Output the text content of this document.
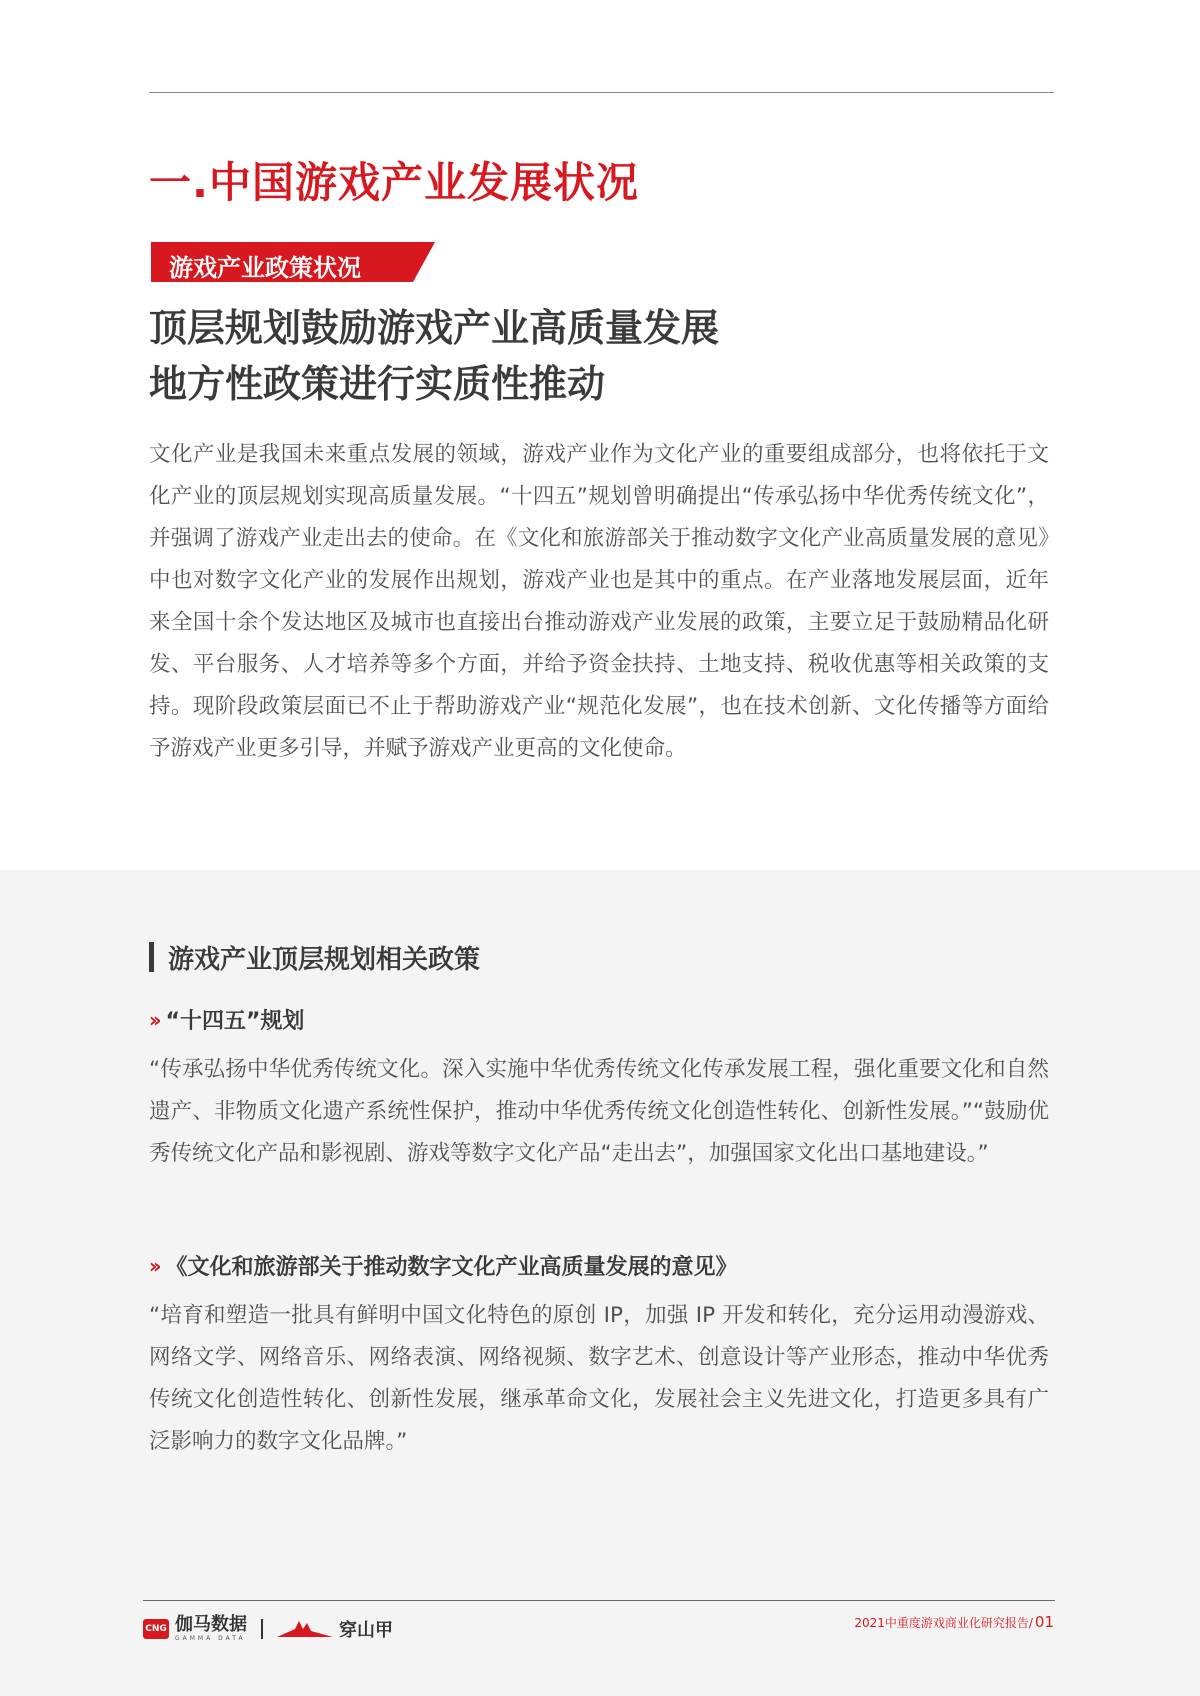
一.中国游戏产业发展状况
游戏产业政策状况
顶层规划鼓励游戏产业高质量发展
地方性政策进行实质性推动
文化产业是我国未来重点发展的领域，游戏产业作为文化产业的重要组成部分，也将依托于文化产业的顶层规划实现高质量发展。“十四五”规划曾明确提出“传承弘扬中华优秀传统文化”，并强调了游戏产业走出去的使命。在《文化和旅游部关于推动数字文化产业高质量发展的意见》中也对数字文化产业的发展作出规划，游戏产业也是其中的重点。在产业落地发展层面，近年来全国十余个发达地区及城市也直接出台推动游戏产业发展的政策，主要立足于鼓励精品化研发、平台服务、人才培养等多个方面，并给予资金扶持、土地支持、税收优惠等相关政策的支持。现阶段政策层面已不止于帮助游戏产业“规范化发展”，也在技术创新、文化传播等方面给予游戏产业更多引导，并赋予游戏产业更高的文化使命。
游戏产业顶层规划相关政策
›› “十四五”规划
“传承弘扬中华优秀传统文化。深入实施中华优秀传统文化传承发展工程，强化重要文化和自然遗产、非物质文化遗产系统性保护，推动中华优秀传统文化创造性转化、创新性发展。”“鼓励优秀传统文化产品和影视剧、游戏等数字文化产品“走出去”，加强国家文化出口基地建设。”
›› 《文化和旅游部关于推动数字文化产业高质量发展的意见》
“培育和塑造一批具有鲜明中国文化特色的原创 IP，加强 IP 开发和转化，充分运用动漫游戏、网络文学、网络音乐、网络表演、网络视频、数字艺术、创意设计等产业形态，推动中华优秀传统文化创造性转化、创新性发展，继承革命文化，发展社会主义先进文化，打造更多具有广泛影响力的数字文化品牌。”
CNG 伽马数据
GAMMA DATA	穿山甲	2021中重度游戏商业化研究报告/ 01
